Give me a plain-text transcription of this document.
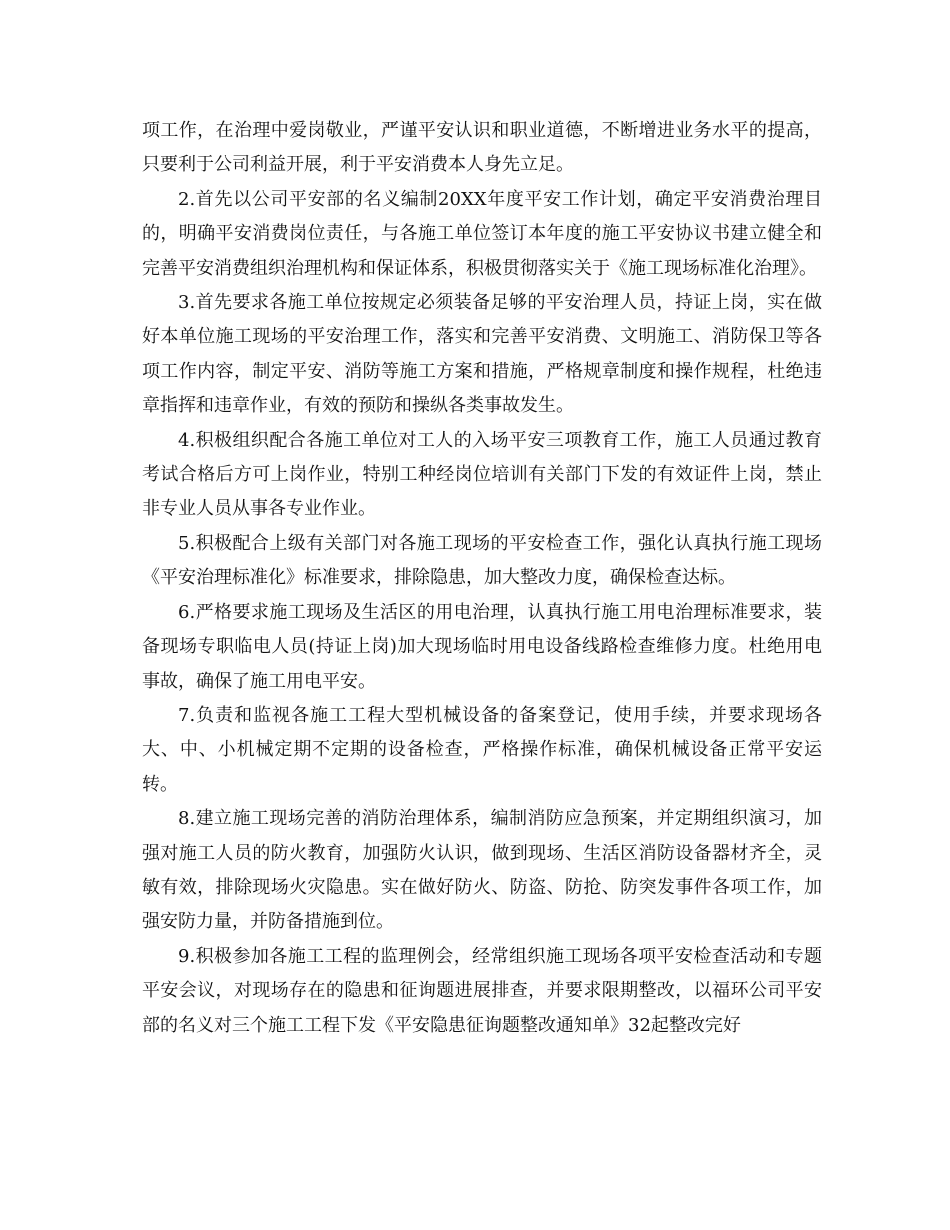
项工作，在治理中爱岗敬业，严谨平安认识和职业道德，不断增进业务水平的提高，只要利于公司利益开展，利于平安消费本人身先立足。

2.首先以公司平安部的名义编制20XX年度平安工作计划，确定平安消费治理目的，明确平安消费岗位责任，与各施工单位签订本年度的施工平安协议书建立健全和完善平安消费组织治理机构和保证体系，积极贯彻落实关于《施工现场标准化治理》。

3.首先要求各施工单位按规定必须装备足够的平安治理人员，持证上岗，实在做好本单位施工现场的平安治理工作，落实和完善平安消费、文明施工、消防保卫等各项工作内容，制定平安、消防等施工方案和措施，严格规章制度和操作规程，杜绝违章指挥和违章作业，有效的预防和操纵各类事故发生。

4.积极组织配合各施工单位对工人的入场平安三项教育工作，施工人员通过教育考试合格后方可上岗作业，特别工种经岗位培训有关部门下发的有效证件上岗，禁止非专业人员从事各专业作业。

5.积极配合上级有关部门对各施工现场的平安检查工作，强化认真执行施工现场《平安治理标准化》标准要求，排除隐患，加大整改力度，确保检查达标。

6.严格要求施工现场及生活区的用电治理，认真执行施工用电治理标准要求，装备现场专职临电人员(持证上岗)加大现场临时用电设备线路检查维修力度。杜绝用电事故，确保了施工用电平安。

7.负责和监视各施工工程大型机械设备的备案登记，使用手续，并要求现场各大、中、小机械定期不定期的设备检查，严格操作标准，确保机械设备正常平安运转。

8.建立施工现场完善的消防治理体系，编制消防应急预案，并定期组织演习，加强对施工人员的防火教育，加强防火认识，做到现场、生活区消防设备器材齐全，灵敏有效，排除现场火灾隐患。实在做好防火、防盗、防抢、防突发事件各项工作，加强安防力量，并防备措施到位。

9.积极参加各施工工程的监理例会，经常组织施工现场各项平安检查活动和专题平安会议，对现场存在的隐患和征询题进展排查，并要求限期整改，以福环公司平安部的名义对三个施工工程下发《平安隐患征询题整改通知单》32起整改完好
